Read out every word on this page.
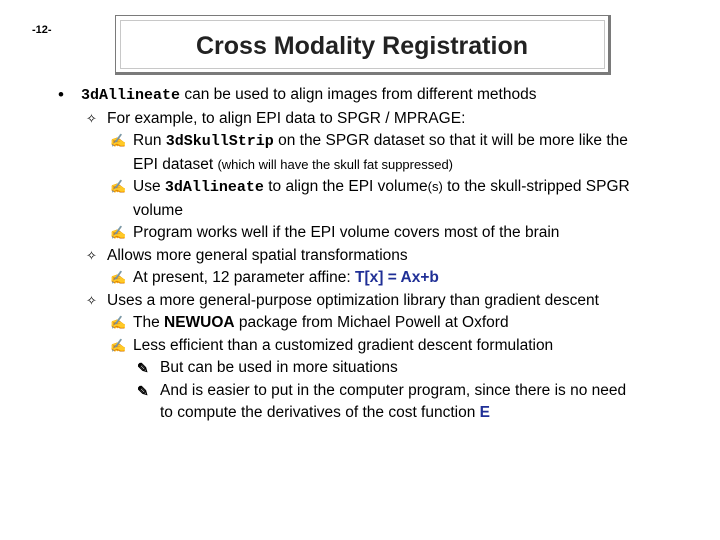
-12-
Cross Modality Registration
• 3dAllineate can be used to align images from different methods
✧ For example, to align EPI data to SPGR / MPRAGE:
✍ Run 3dSkullStrip on the SPGR dataset so that it will be more like the
EPI dataset (which will have the skull fat suppressed)
✍ Use 3dAllineate to align the EPI volume(s) to the skull-stripped SPGR
volume
✍ Program works well if the EPI volume covers most of the brain
✧ Allows more general spatial transformations
✍ At present, 12 parameter affine: T[x] = Ax+b
✧ Uses a more general-purpose optimization library than gradient descent
✍ The NEWUOA package from Michael Powell at Oxford
✍ Less efficient than a customized gradient descent formulation
✎ But can be used in more situations
✎ And is easier to put in the computer program, since there is no need
to compute the derivatives of the cost function E
